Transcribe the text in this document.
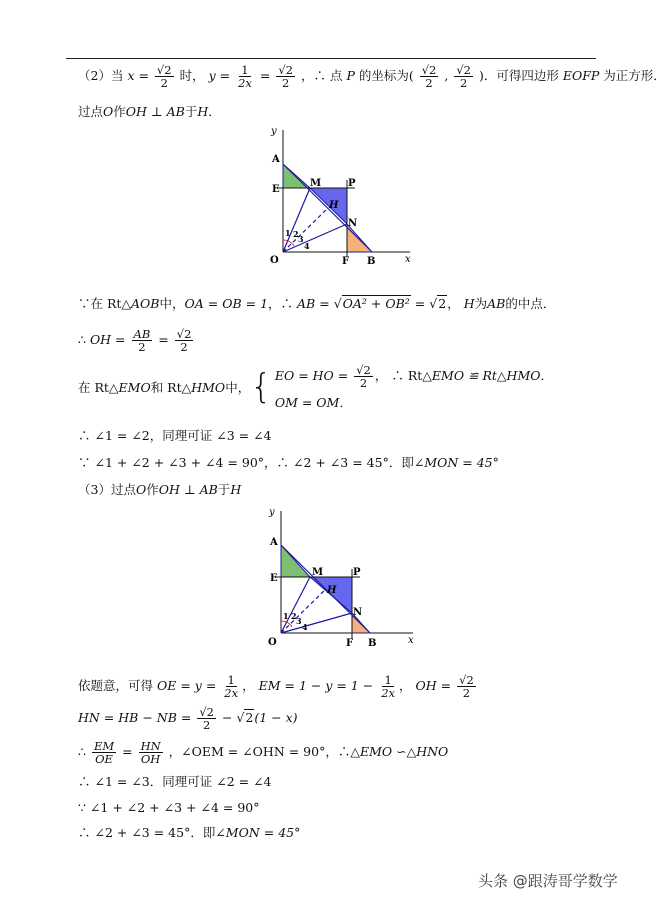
（2）当 $x = \frac{√2}{2}$ 时， $y = \frac{1}{2x} = \frac{√2}{2}$ ，∴ 点 P 的坐标为( $\frac{√2}{2}$ , $\frac{√2}{2}$ )．可得四边形 EOFP 为正方形．
过点O作OH ⊥ AB于H．
y
x
A
E
M	P
H
N
O	F B
1 2 3
4
∵在 Rt△AOB中，OA = OB = 1，∴ AB = √OA² + OB² = √2， H为AB的中点．
∴ OH = $\frac{AB}{2} = \frac{√2}{2}$
在 Rt△ EMO 和 Rt△ HMO 中， { EO = HO = $\frac{√2}{2}$ ， ∴ Rt△EMO ≌ Rt△HMO．
OM = OM．
∴ ∠1 = ∠2，同理可证 ∠3 = ∠4
∵ ∠1 + ∠2 + ∠3 + ∠4 = 90°，∴ ∠2 + ∠3 = 45°．即∠MON = 45°
（3）过点O作OH ⊥ AB于H
y
x
A
E
M	P
H
N
O	F B
1 2 3
4
依题意，可得 OE = $y = \frac{1}{2x}$ ， EM = $1 - y = 1 - \frac{1}{2x}$ ， OH = $\frac{√2}{2}$
HN = HB − NB = $\frac{√2}{2} - √2(1 - x)$
∴ $\frac{EM}{OE} = \frac{HN}{OH}$ ，∠OEM = ∠OHN = 90°，∴△EMO ∽△HNO
∴ ∠1 = ∠3．同理可证 ∠2 = ∠4
∵ ∠1 + ∠2 + ∠3 + ∠4 = 90°
∴ ∠2 + ∠3 = 45°．即∠MON = 45°
头条 @跟涛哥学数学
